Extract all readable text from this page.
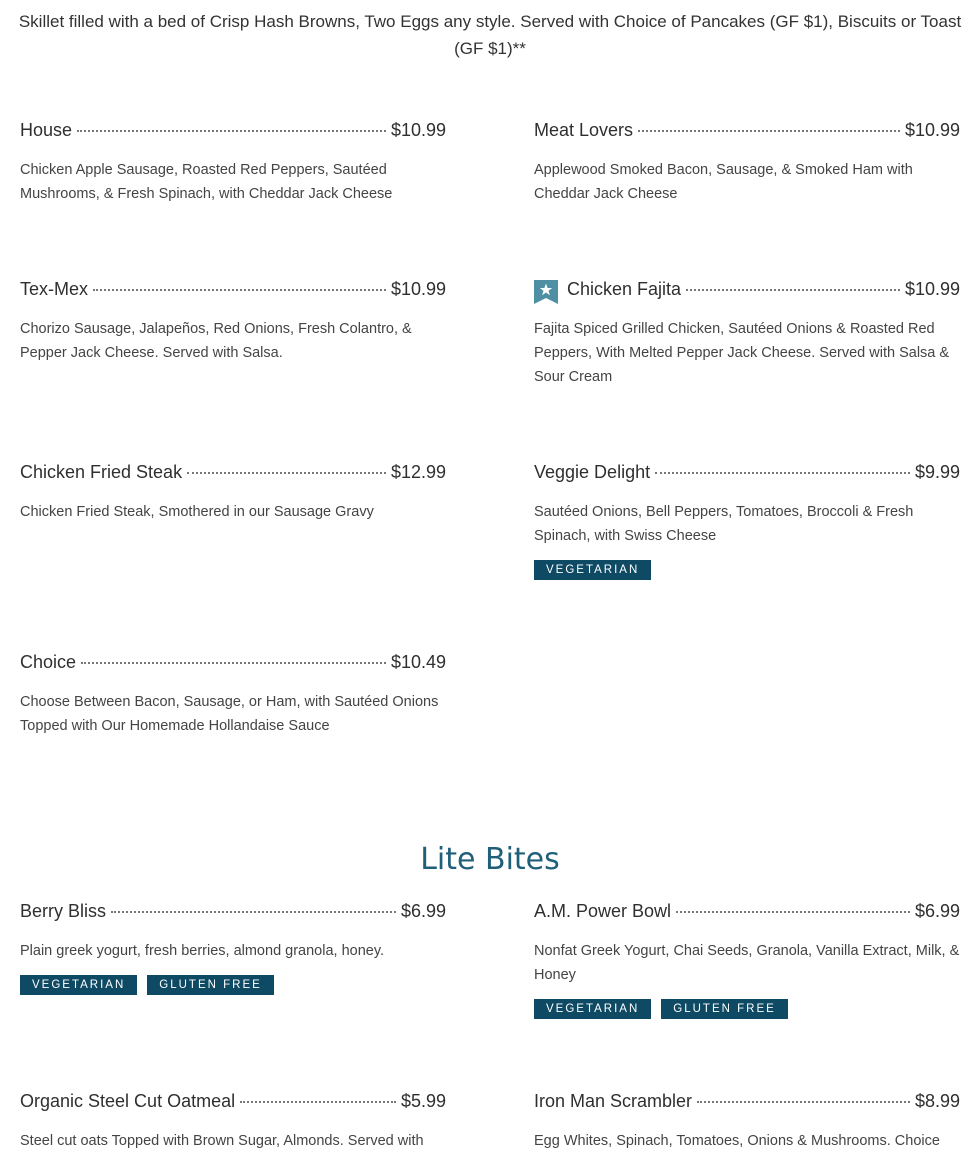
Skillet filled with a bed of Crisp Hash Browns, Two Eggs any style. Served with Choice of Pancakes (GF $1), Biscuits or Toast (GF $1)**
House	$10.99
Chicken Apple Sausage, Roasted Red Peppers, Sautéed Mushrooms, & Fresh Spinach, with Cheddar Jack Cheese
Meat Lovers	$10.99
Applewood Smoked Bacon, Sausage, & Smoked Ham with Cheddar Jack Cheese
Tex-Mex	$10.99
Chorizo Sausage, Jalapeños, Red Onions, Fresh Colantro, & Pepper Jack Cheese. Served with Salsa.
Chicken Fajita	$10.99
Fajita Spiced Grilled Chicken, Sautéed Onions & Roasted Red Peppers, With Melted Pepper Jack Cheese. Served with Salsa & Sour Cream
Chicken Fried Steak	$12.99
Chicken Fried Steak, Smothered in our Sausage Gravy
Veggie Delight	$9.99
Sautéed Onions, Bell Peppers, Tomatoes, Broccoli & Fresh Spinach, with Swiss Cheese
VEGETARIAN
Choice	$10.49
Choose Between Bacon, Sausage, or Ham, with Sautéed Onions Topped with Our Homemade Hollandaise Sauce
Lite Bites
Berry Bliss	$6.99
Plain greek yogurt, fresh berries, almond granola, honey.
VEGETARIAN	GLUTEN FREE
A.M. Power Bowl	$6.99
Nonfat Greek Yogurt, Chai Seeds, Granola, Vanilla Extract, Milk, & Honey
VEGETARIAN	GLUTEN FREE
Organic Steel Cut Oatmeal	$5.99
Steel cut oats Topped with Brown Sugar, Almonds. Served with
Iron Man Scrambler	$8.99
Egg Whites, Spinach, Tomatoes, Onions & Mushrooms. Choice
